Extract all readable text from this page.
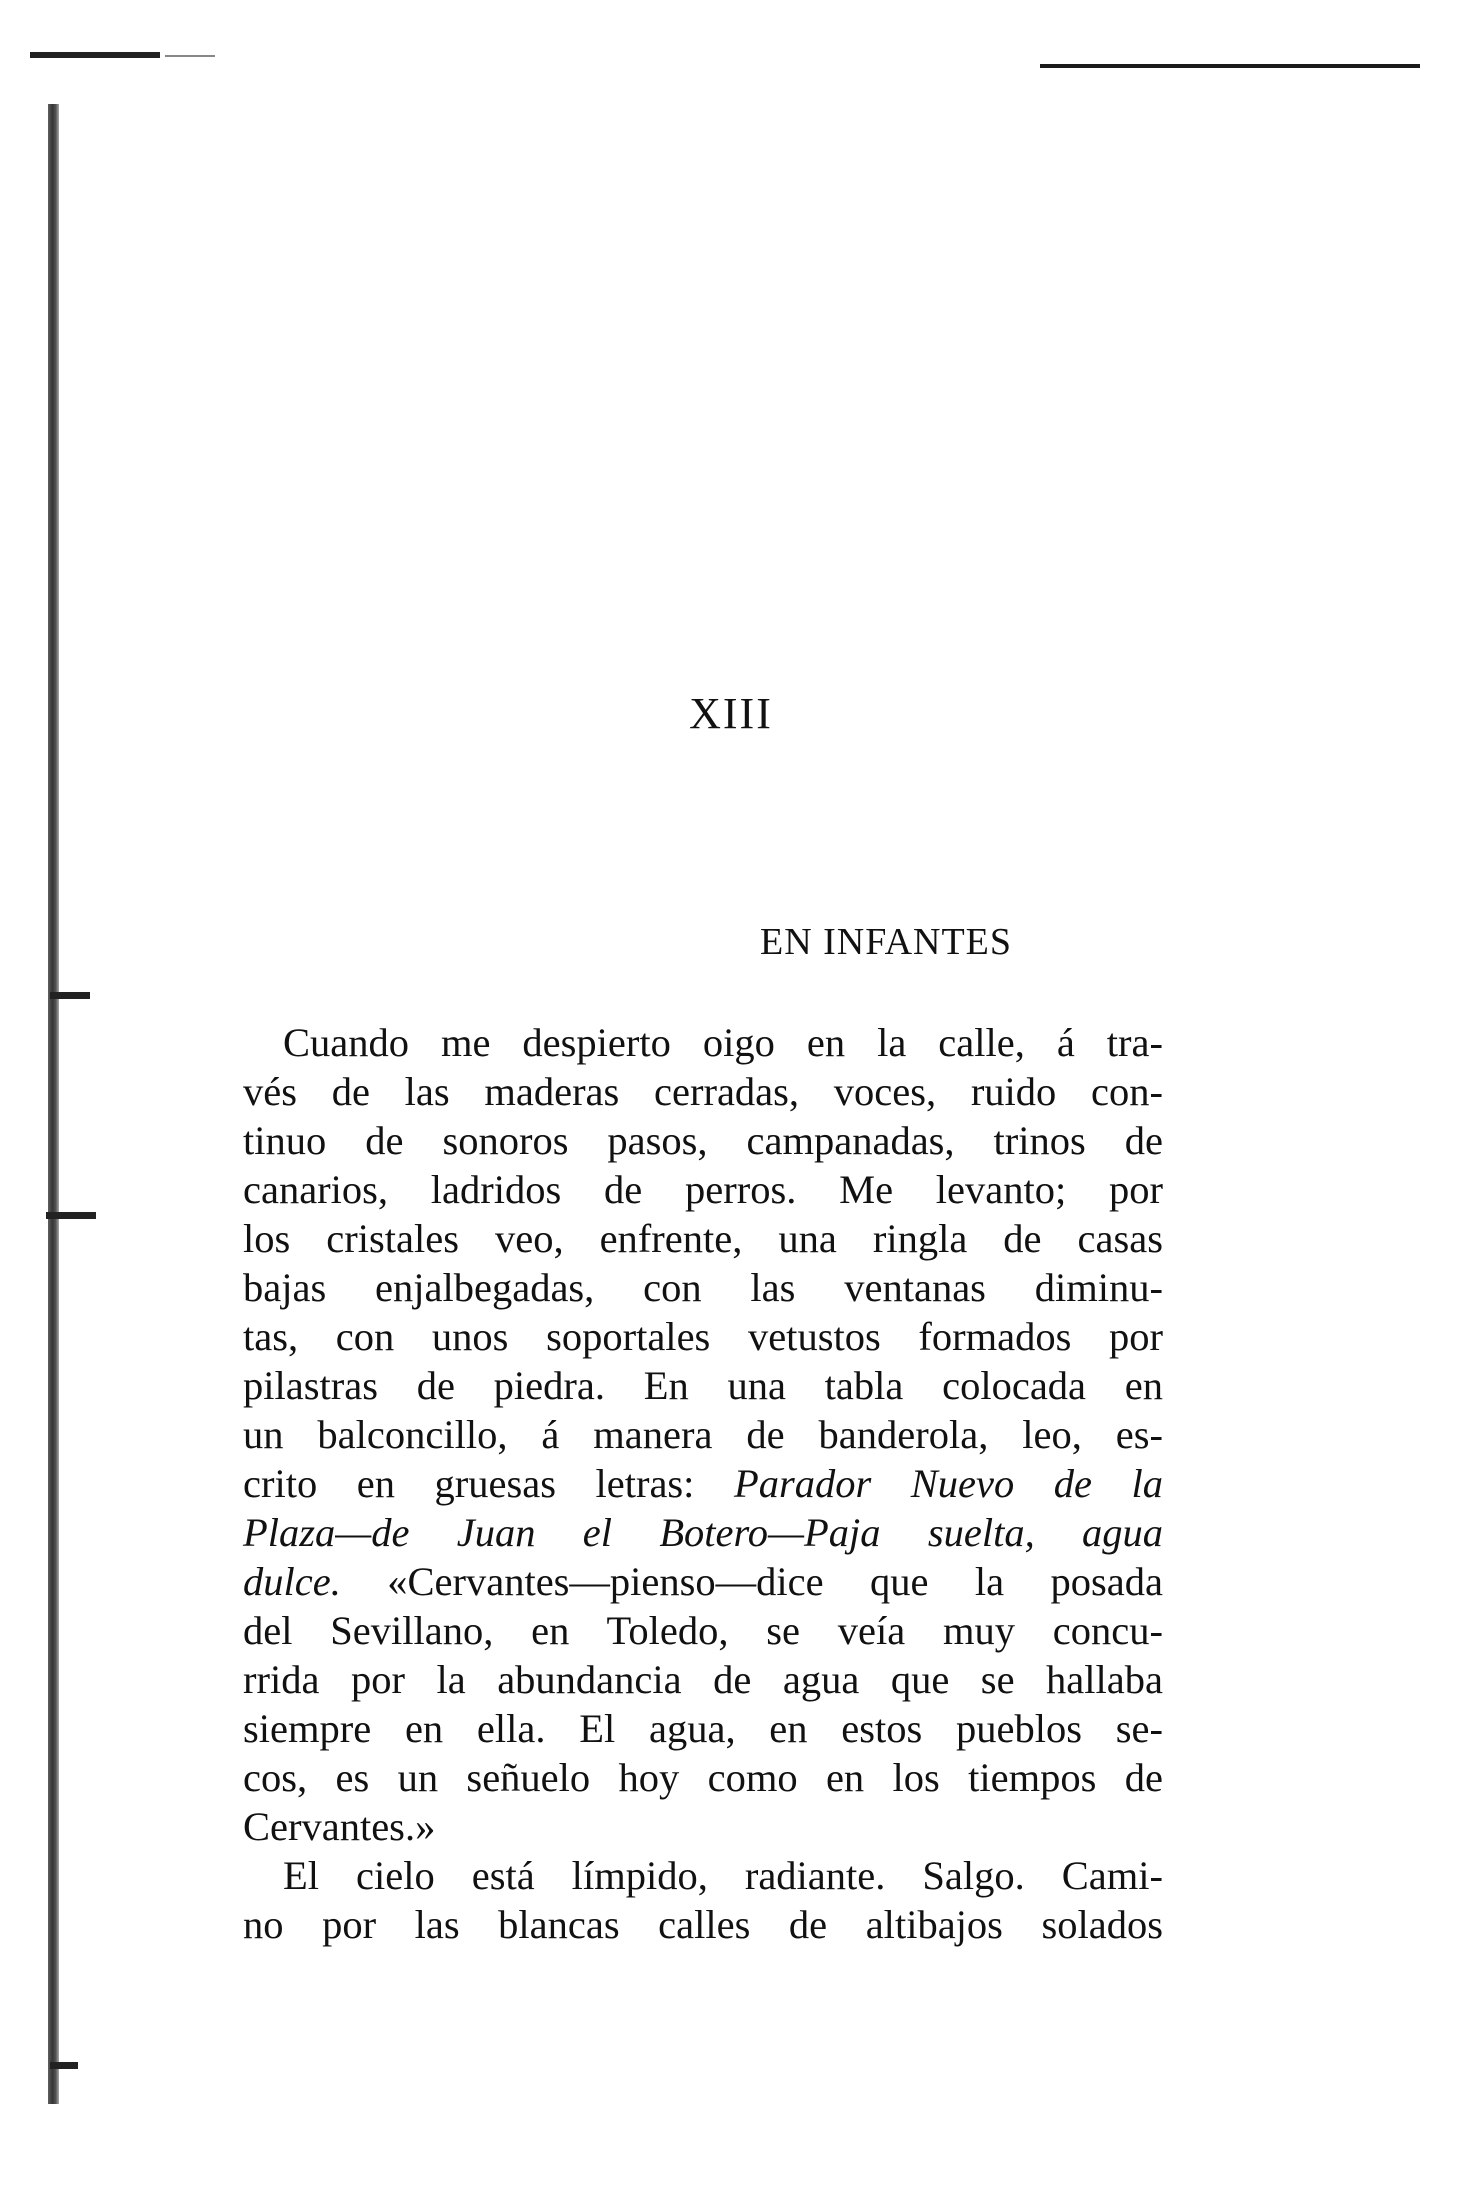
XIII
EN INFANTES
Cuando me despierto oigo en la calle, á tra-
vés de las maderas cerradas, voces, ruido con-
tinuo de sonoros pasos, campanadas, trinos de
canarios, ladridos de perros. Me levanto; por
los cristales veo, enfrente, una ringla de casas
bajas enjalbegadas, con las ventanas diminu-
tas, con unos soportales vetustos formados por
pilastras de piedra. En una tabla colocada en
un balconcillo, á manera de banderola, leo, es-
crito en gruesas letras: Parador Nuevo de la
Plaza—de Juan el Botero—Paja suelta, agua
dulce. «Cervantes—pienso—dice que la posada
del Sevillano, en Toledo, se veía muy concu-
rrida por la abundancia de agua que se hallaba
siempre en ella. El agua, en estos pueblos se-
cos, es un señuelo hoy como en los tiempos de
Cervantes.»
El cielo está límpido, radiante. Salgo. Cami-
no por las blancas calles de altibajos solados
